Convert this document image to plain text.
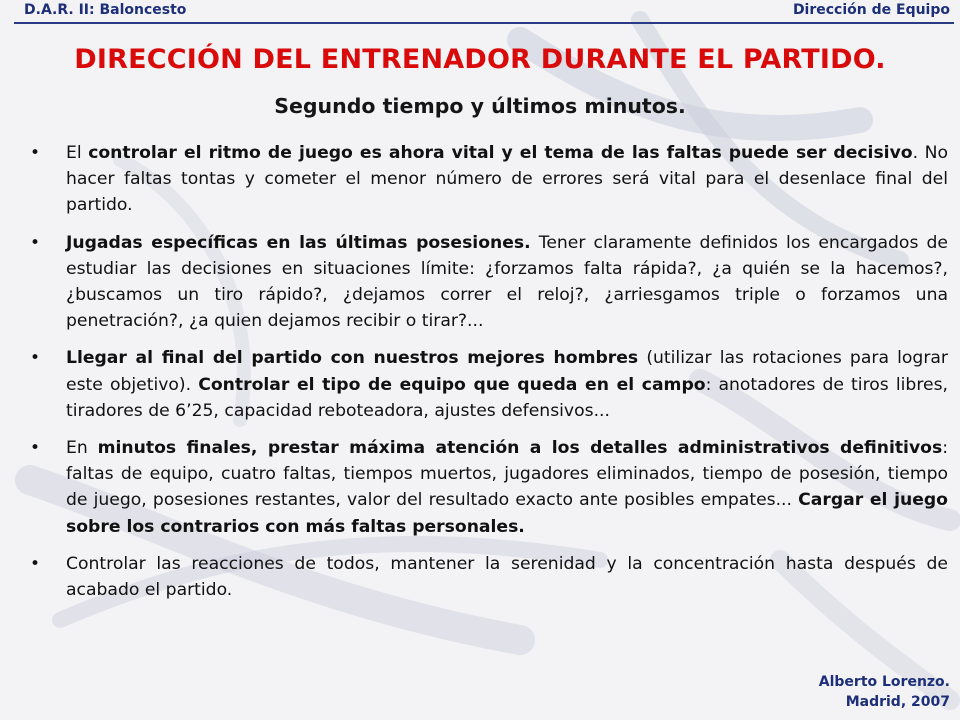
D.A.R. II: Baloncesto	Dirección de Equipo
DIRECCIÓN DEL ENTRENADOR DURANTE EL PARTIDO.
Segundo tiempo y últimos minutos.
• El controlar el ritmo de juego es ahora vital y el tema de las faltas puede ser decisivo. No hacer faltas tontas y cometer el menor número de errores será vital para el desenlace final del partido.
• Jugadas específicas en las últimas posesiones. Tener claramente definidos los encargados de estudiar las decisiones en situaciones límite: ¿forzamos falta rápida?, ¿a quién se la hacemos?, ¿buscamos un tiro rápido?, ¿dejamos correr el reloj?, ¿arriesgamos triple o forzamos una penetración?, ¿a quien dejamos recibir o tirar?...
• Llegar al final del partido con nuestros mejores hombres (utilizar las rotaciones para lograr este objetivo). Controlar el tipo de equipo que queda en el campo: anotadores de tiros libres, tiradores de 6’25, capacidad reboteadora, ajustes defensivos...
• En minutos finales, prestar máxima atención a los detalles administrativos definitivos: faltas de equipo, cuatro faltas, tiempos muertos, jugadores eliminados, tiempo de posesión, tiempo de juego, posesiones restantes, valor del resultado exacto ante posibles empates... Cargar el juego sobre los contrarios con más faltas personales.
• Controlar las reacciones de todos, mantener la serenidad y la concentración hasta después de acabado el partido.
Alberto Lorenzo.
Madrid, 2007
